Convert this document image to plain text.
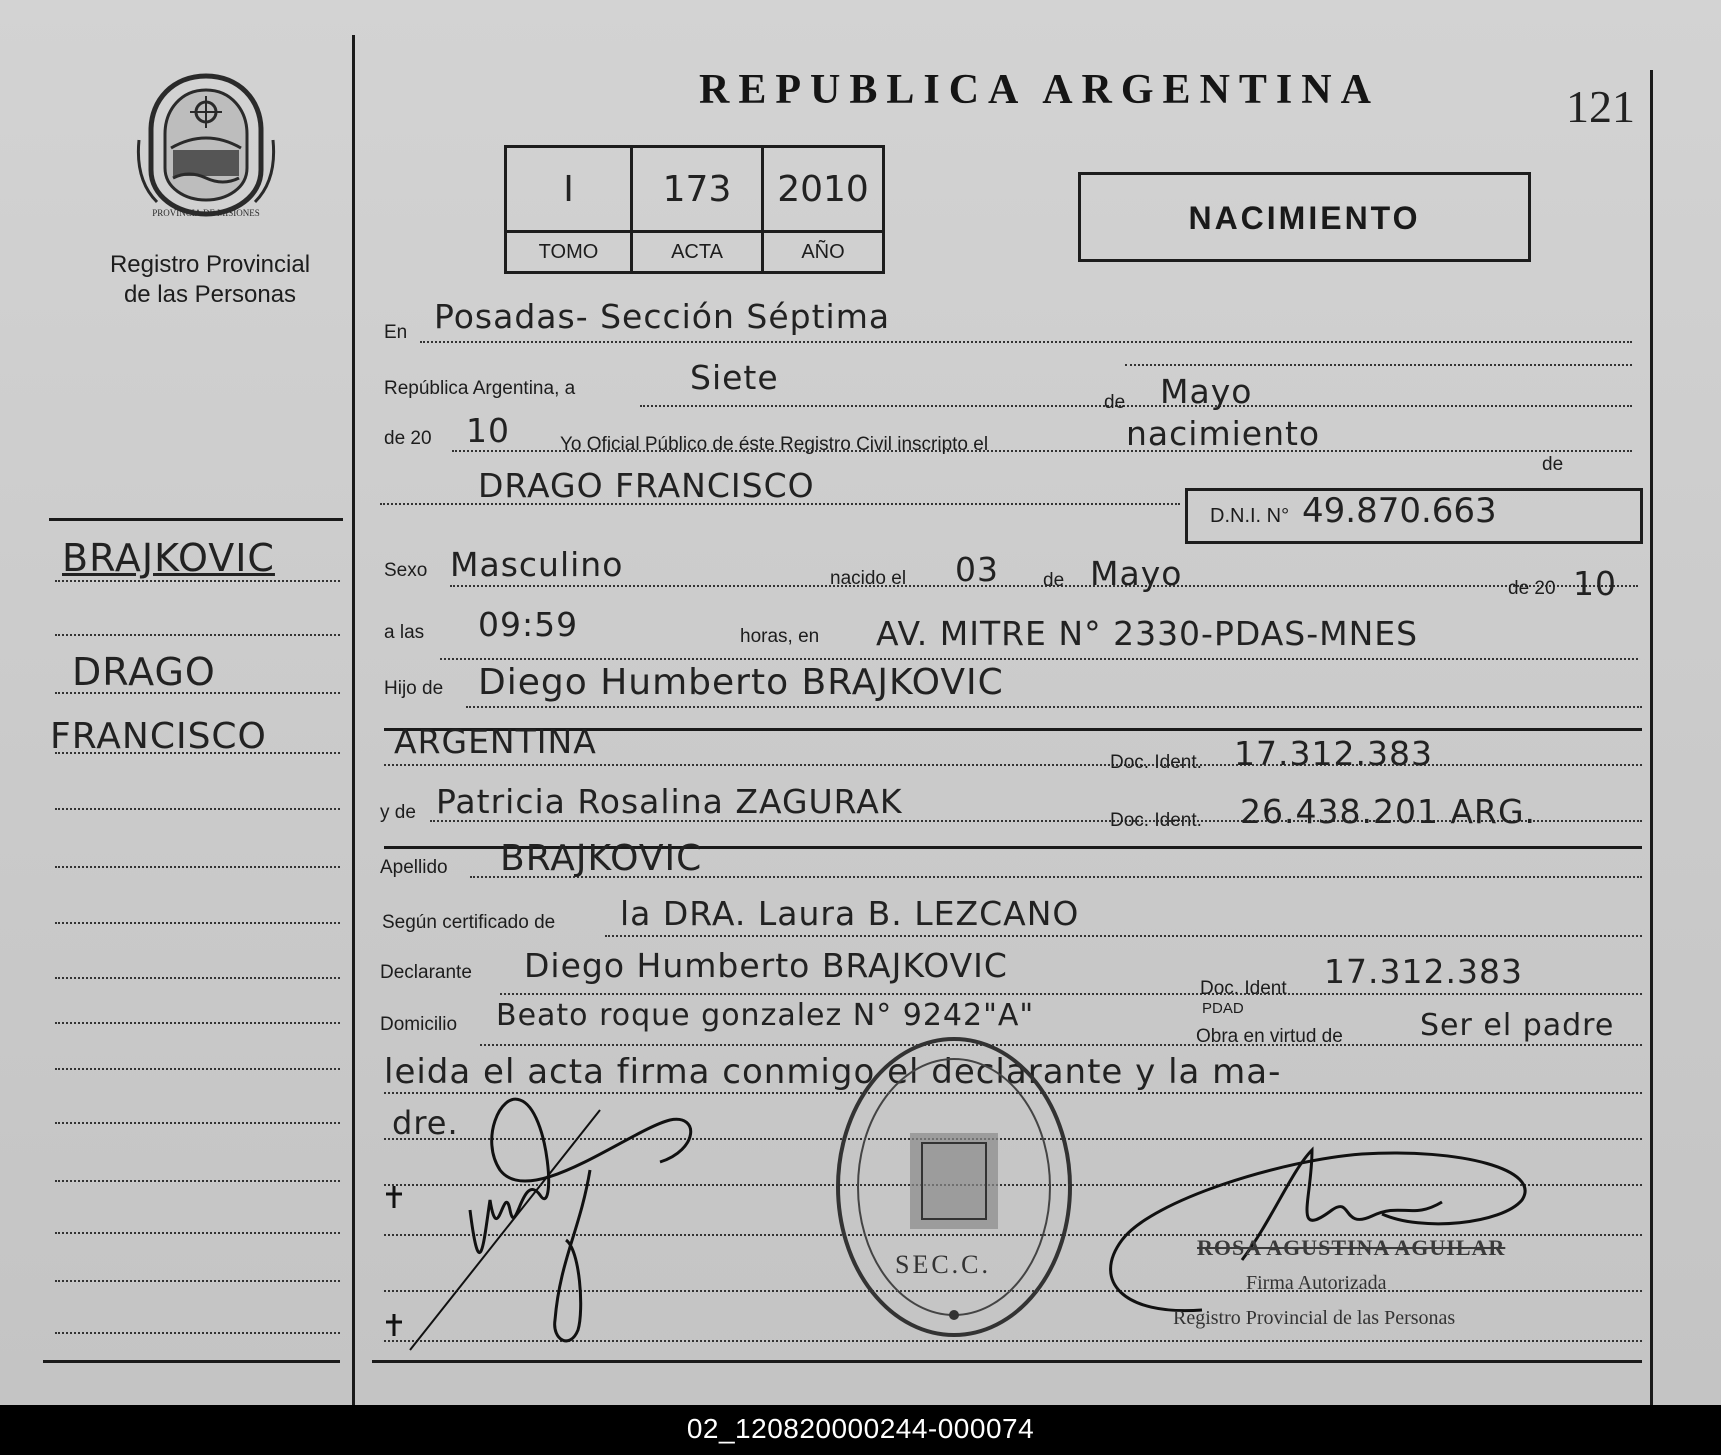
PROVINCIA DE MISIONES
Registro Provincial de las Personas
BRAJKOVIC
DRAGO
FRANCISCO
REPUBLICA ARGENTINA	121
I	173	2010
TOMO	ACTA	AÑO
NACIMIENTO
En Posadas- Sección Séptima
República Argentina, a	Siete
de Mayo
de 20 10	Yo Oficial Público de éste Registro Civil inscripto el	nacimiento
de
DRAGO FRANCISCO
D.N.I. N° 49.870.663
Sexo Masculino	nacido el 03 de Mayo	de 20 10
a las 09:59	horas, en AV. MITRE N° 2330-PDAS-MNES
Hijo de Diego Humberto BRAJKOVIC
ARGENTINA
Doc. Ident. 17.312.383
y de Patricia Rosalina ZAGURAK	Doc. Ident. 26.438.201 ARG.
Apellido BRAJKOVIC
Según certificado de la DRA. Laura B. LEZCANO
Declarante Diego Humberto BRAJKOVIC
Doc. Ident 17.312.383
Domicilio Beato roque gonzalez N° 9242"A"	PDAD
Obra en virtud de	Ser el padre
leida el acta firma conmigo el declarante y la ma-
dre.
SEC.C.
ROSA AGUSTINA AGUILAR
Firma Autorizada
Registro Provincial de las Personas
02_120820000244-000074
